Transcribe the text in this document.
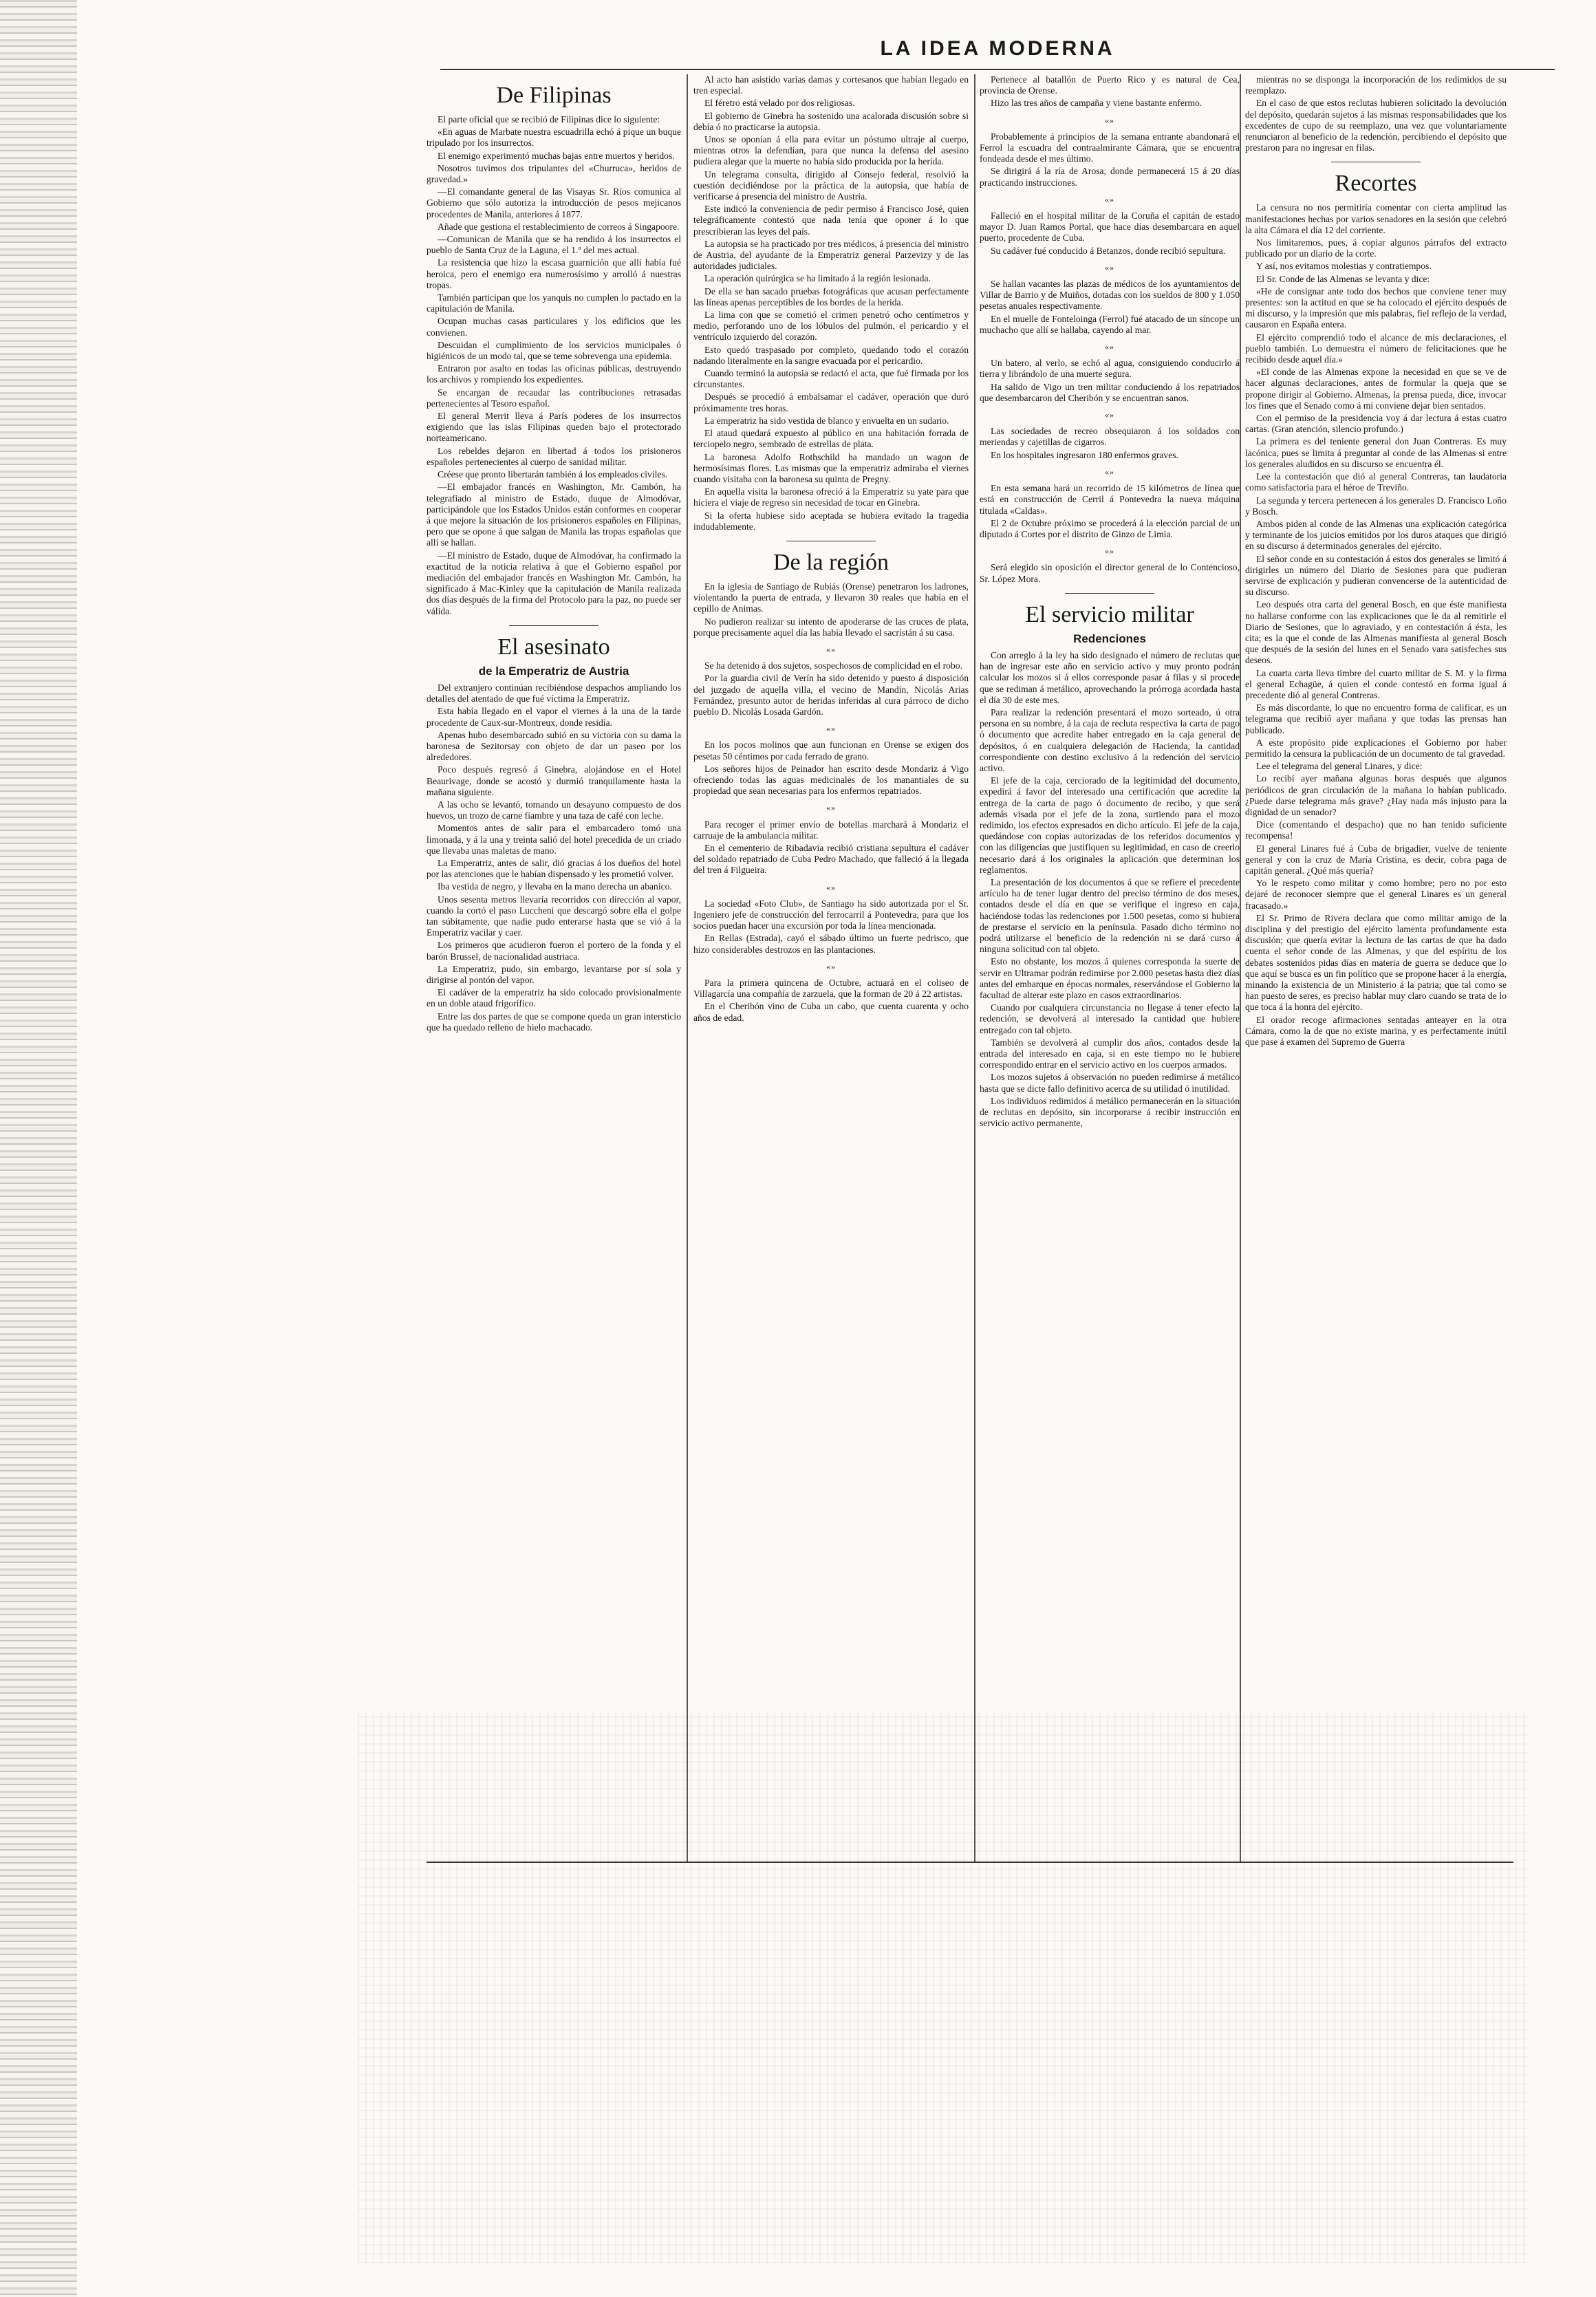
LA IDEA MODERNA
De Filipinas

El parte oficial que se recibió de Filipinas dice lo siguiente:

«En aguas de Marbate nuestra escuadrilla echó á pique un buque tripulado por los insurrectos.

El enemigo experimentó muchas bajas entre muertos y heridos.

Nosotros tuvimos dos tripulantes del «Churruca», heridos de gravedad.»

—El comandante general de las Visayas Sr. Ríos comunica al Gobierno que sólo autoriza la introducción de pesos mejicanos procedentes de Manila, anteriores á 1877.

Añade que gestiona el restablecimiento de correos á Singapoore.

—Comunican de Manila que se ha rendido á los insurrectos el pueblo de Santa Cruz de la Laguna, el 1.º del mes actual.

La resistencia que hizo la escasa guarnición que allí había fué heroica, pero el enemigo era numerosísimo y arrolló á nuestras tropas.

También participan que los yanquis no cumplen lo pactado en la capitulación de Manila.

Ocupan muchas casas particulares y los edificios que les convienen.

Descuidan el cumplimiento de los servicios municipales ó higiénicos de un modo tal, que se teme sobrevenga una epidemia.

Entraron por asalto en todas las oficinas públicas, destruyendo los archivos y rompiendo los expedientes.

Se encargan de recaudar las contribuciones retrasadas pertenecientes al Tesoro español.

El general Merrit lleva á París poderes de los insurrectos exigiendo que las islas Filipinas queden bajo el protectorado norteamericano.

Los rebeldes dejaron en libertad á todos los prisioneros españoles pertenecientes al cuerpo de sanidad militar.

Créese que pronto libertarán también á los empleados civiles.

—El embajador francés en Washington, Mr. Cambón, ha telegrafiado al ministro de Estado, duque de Almodóvar, participándole que los Estados Unidos están conformes en cooperar á que mejore la situación de los prisioneros españoles en Filipinas, pero que se opone á que salgan de Manila las tropas españolas que allí se hallan.

—El ministro de Estado, duque de Almodóvar, ha confirmado la exactitud de la noticia relativa á que el Gobierno español por mediación del embajador francés en Washington Mr. Cambón, ha significado á Mac-Kinley que la capitulación de Manila realizada dos días después de la firma del Protocolo para la paz, no puede ser válida.

El asesinato
de la Emperatriz de Austria

Del extranjero continúan recibiéndose despachos ampliando los detalles del atentado de que fué víctima la Emperatriz.

Esta había llegado en el vapor el viernes á la una de la tarde procedente de Caux-sur-Montreux, donde residía.

Apenas hubo desembarcado subió en su victoria con su dama la baronesa de Sezitorsay con objeto de dar un paseo por los alrededores.

Poco después regresó á Ginebra, alojándose en el Hotel Beaurivage, donde se acostó y durmió tranquilamente hasta la mañana siguiente.

A las ocho se levantó, tomando un desayuno compuesto de dos huevos, un trozo de carne fiambre y una taza de café con leche.

Momentos antes de salir para el embarcadero tomó una limonada, y á la una y treinta salió del hotel precedida de un criado que llevaba unas maletas de mano.

La Emperatriz, antes de salir, dió gracias á los dueños del hotel por las atenciones que le habían dispensado y les prometió volver.

Iba vestida de negro, y llevaba en la mano derecha un abanico.

Unos sesenta metros llevaría recorridos con dirección al vapor, cuando la cortó el paso Luccheni que descargó sobre ella el golpe tan súbitamente, que nadie pudo enterarse hasta que se vió á la Emperatriz vacilar y caer.

Los primeros que acudieron fueron el portero de la fonda y el barón Brussel, de nacionalidad austriaca.

La Emperatriz, pudo, sin embargo, levantarse por sí sola y dirigirse al pontón del vapor.

El cadáver de la emperatriz ha sido colocado provisionalmente en un doble ataud frigorífico.

Entre las dos partes de que se compone queda un gran intersticio que ha quedado relleno de hielo machacado.

Al acto han asistido varias damas y cortesanos que habían llegado en tren especial.

El féretro está velado por dos religiosas.

El gobierno de Ginebra ha sostenido una acalorada discusión sobre si debía ó no practicarse la autopsia.

Unos se oponían á ella para evitar un póstumo ultraje al cuerpo, mientras otros la defendían, para que nunca la defensa del asesino pudiera alegar que la muerte no había sido producida por la herida.

Un telegrama consulta, dirigido al Consejo federal, resolvió la cuestión decidiéndose por la práctica de la autopsia, que había de verificarse á presencia del ministro de Austria.

Este indicó la conveniencia de pedir permiso á Francisco José, quien telegráficamente contestó que nada tenía que oponer á lo que prescribieran las leyes del país.

La autopsia se ha practicado por tres médicos, á presencia del ministro de Austria, del ayudante de la Emperatriz general Parzevizy y de las autoridades judiciales.

La operación quirúrgica se ha limitado á la región lesionada.

De ella se han sacado pruebas fotográficas que acusan perfectamente las líneas apenas perceptibles de los bordes de la herida.

La lima con que se cometió el crimen penetró ocho centímetros y medio, perforando uno de los lóbulos del pulmón, el pericardio y el ventrículo izquierdo del corazón.

Esto quedó traspasado por completo, quedando todo el corazón nadando literalmente en la sangre evacuada por el pericardio.

Cuando terminó la autopsia se redactó el acta, que fué firmada por los circunstantes.

Después se procedió á embalsamar el cadáver, operación que duró próximamente tres horas.

La emperatriz ha sido vestida de blanco y envuelta en un sudario.

El ataud quedará expuesto al público en una habitación forrada de terciopelo negro, sembrado de estrellas de plata.

La baronesa Adolfo Rothschild ha mandado un wagon de hermosísimas flores. Las mismas que la emperatriz admiraba el viernes cuando visitaba con la baronesa su quinta de Pregny.

En aquella visita la baronesa ofreció á la Emperatriz su yate para que hiciera el viaje de regreso sin necesidad de tocar en Ginebra.

Si la oferta hubiese sido aceptada se hubiera evitado la tragedia indudablemente.

De la región

En la iglesia de Santiago de Rubiás (Orense) penetraron los ladrones, violentando la puerta de entrada, y llevaron 30 reales que había en el cepillo de Animas.

No pudieron realizar su intento de apoderarse de las cruces de plata, porque precisamente aquel día las había llevado el sacristán á su casa.

«»

Se ha detenido á dos sujetos, sospechosos de complicidad en el robo.

Por la guardia civil de Verín ha sido detenido y puesto á disposición del juzgado de aquella villa, el vecino de Mandín, Nicolás Arias Fernández, presunto autor de heridas inferidas al cura párroco de dicho pueblo D. Nicolás Losada Gardón.

«»

En los pocos molinos que aun funcionan en Orense se exigen dos pesetas 50 céntimos por cada ferrado de grano.

Los señores hijos de Peinador han escrito desde Mondariz á Vigo ofreciendo todas las aguas medicinales de los manantiales de su propiedad que sean necesarias para los enfermos repatriados.

«»

Para recoger el primer envío de botellas marchará á Mondariz el carruaje de la ambulancia militar.

En el cementerio de Ribadavia recibió cristiana sepultura el cadáver del soldado repatriado de Cuba Pedro Machado, que falleció á la llegada del tren á Filgueira.

«»

La sociedad «Foto Club», de Santiago ha sido autorizada por el Sr. Ingeniero jefe de construcción del ferrocarril á Pontevedra, para que los socios puedan hacer una excursión por toda la línea mencionada.

En Rellas (Estrada), cayó el sábado último un fuerte pedrisco, que hizo considerables destrozos en las plantaciones.

«»

Para la primera quincena de Octubre, actuará en el coliseo de Villagarcía una compañía de zarzuela, que la forman de 20 á 22 artistas.

En el Cheribón vino de Cuba un cabo, que cuenta cuarenta y ocho años de edad.

Pertenece al batallón de Puerto Rico y es natural de Cea, provincia de Orense.

Hizo las tres años de campaña y viene bastante enfermo.

«»

Probablemente á principios de la semana entrante abandonará el Ferrol la escuadra del contraalmirante Cámara, que se encuentra fondeada desde el mes último.

Se dirigirá á la ría de Arosa, donde permanecerá 15 á 20 días practicando instrucciones.

«»

Falleció en el hospital militar de la Coruña el capitán de estado mayor D. Juan Ramos Portal, que hace días desembarcara en aquel puerto, procedente de Cuba.

Su cadáver fué conducido á Betanzos, donde recibió sepultura.

«»

Se hallan vacantes las plazas de médicos de los ayuntamientos de Villar de Barrio y de Muiños, dotadas con los sueldos de 800 y 1.050 pesetas anuales respectivamente.

En el muelle de Fonteloinga (Ferrol) fué atacado de un síncope un muchacho que allí se hallaba, cayendo al mar.

«»

Un batero, al verlo, se echó al agua, consiguiendo conducirlo á tierra y librándolo de una muerte segura.

Ha salido de Vigo un tren militar conduciendo á los repatriados que desembarcaron del Cheribón y se encuentran sanos.

«»

Las sociedades de recreo obsequiaron á los soldados con meriendas y cajetillas de cigarros.

En los hospitales ingresaron 180 enfermos graves.

«»

En esta semana hará un recorrido de 15 kilómetros de línea que está en construcción de Cerril á Pontevedra la nueva máquina titulada «Caldas».

El 2 de Octubre próximo se procederá á la elección parcial de un diputado á Cortes por el distrito de Ginzo de Limia.

«»

Será elegido sin oposición el director general de lo Contencioso, Sr. López Mora.

El servicio militar
Redenciones

Con arreglo á la ley ha sido designado el número de reclutas que han de ingresar este año en servicio activo y muy pronto podrán calcular los mozos si á ellos corresponde pasar á filas y si procede que se rediman á metálico, aprovechando la prórroga acordada hasta el día 30 de este mes.

Para realizar la redención presentará el mozo sorteado, ú otra persona en su nombre, á la caja de recluta respectiva la carta de pago ó documento que acredite haber entregado en la caja general de depósitos, ó en cualquiera delegación de Hacienda, la cantidad correspondiente con destino exclusivo á la redención del servicio activo.

El jefe de la caja, cerciorado de la legitimidad del documento, expedirá á favor del interesado una certificación que acredite la entrega de la carta de pago ó documento de recibo, y que será además visada por el jefe de la zona, surtiendo para el mozo redimido, los efectos expresados en dicho artículo. El jefe de la caja, quedándose con copias autorizadas de los referidos documentos y con las diligencias que justifiquen su legitimidad, en caso de creerlo necesario dará á los originales la aplicación que determinan los reglamentos.

La presentación de los documentos á que se refiere el precedente artículo ha de tener lugar dentro del preciso término de dos meses, contados desde el día en que se verifique el ingreso en caja, haciéndose todas las redenciones por 1.500 pesetas, como si hubiera de prestarse el servicio en la península. Pasado dicho término no podrá utilizarse el beneficio de la redención ni se dará curso á ninguna solicitud con tal objeto.

Esto no obstante, los mozos á quienes corresponda la suerte de servir en Ultramar podrán redimirse por 2.000 pesetas hasta diez días antes del embarque en épocas normales, reservándose el Gobierno la facultad de alterar este plazo en casos extraordinarios.

Cuando por cualquiera circunstancia no llegase á tener efecto la redención, se devolverá al interesado la cantidad que hubiere entregado con tal objeto.

También se devolverá al cumplir dos años, contados desde la entrada del interesado en caja, si en este tiempo no le hubiere correspondido entrar en el servicio activo en los cuerpos armados.

Los mozos sujetos á observación no pueden redimirse á metálico hasta que se dicte fallo definitivo acerca de su utilidad ó inutilidad.

Los individuos redimidos á metálico permanecerán en la situación de reclutas en depósito, sin incorporarse á recibir instrucción en servicio activo permanente,

mientras no se disponga la incorporación de los redimidos de su reemplazo.

En el caso de que estos reclutas hubieren solicitado la devolución del depósito, quedarán sujetos á las mismas responsabilidades que los excedentes de cupo de su reemplazo, una vez que voluntariamente renunciaron al beneficio de la redención, percibiendo el depósito que prestaron para no ingresar en filas.

Recortes

La censura no nos permitiría comentar con cierta amplitud las manifestaciones hechas por varios senadores en la sesión que celebró la alta Cámara el día 12 del corriente.

Nos limitaremos, pues, á copiar algunos párrafos del extracto publicado por un diario de la corte.

Y así, nos evitamos molestias y contratiempos.

El Sr. Conde de las Almenas se levanta y dice:

«He de consignar ante todo dos hechos que conviene tener muy presentes: son la actitud en que se ha colocado el ejército después de mi discurso, y la impresión que mis palabras, fiel reflejo de la verdad, causaron en España entera.

El ejército comprendió todo el alcance de mis declaraciones, el pueblo también. Lo demuestra el número de felicitaciones que he recibido desde aquel día.»

«El conde de las Almenas expone la necesidad en que se ve de hacer algunas declaraciones, antes de formular la queja que se propone dirigir al Gobierno. Almenas, la prensa pueda, dice, invocar los fines que el Senado como á mi conviene dejar bien sentados.

Con el permiso de la presidencia voy á dar lectura á estas cuatro cartas. (Gran atención, silencio profundo.)

La primera es del teniente general don Juan Contreras. Es muy lacónica, pues se limita á preguntar al conde de las Almenas si entre los generales aludidos en su discurso se encuentra él.

Lee la contestación que dió al general Contreras, tan laudatoria como satisfactoria para el héroe de Treviño.

La segunda y tercera pertenecen á los generales D. Francisco Loño y Bosch.

Ambos piden al conde de las Almenas una explicación categórica y terminante de los juicios emitidos por los duros ataques que dirigió en su discurso á determinados generales del ejército.

El señor conde en su contestación á estos dos generales se limitó á dirigirles un número del Diario de Sesiones para que pudieran servirse de explicación y pudieran convencerse de la autenticidad de su discurso.

Leo después otra carta del general Bosch, en que éste manifiesta no hallarse conforme con las explicaciones que le da al remitirle el Diario de Sesiones, que lo agraviado, y en contestación á ésta, les cita; es la que el conde de las Almenas manifiesta al general Bosch que después de la sesión del lunes en el Senado vara satisfeches sus deseos.

La cuarta carta lleva timbre del cuarto militar de S. M. y la firma el general Echagüe, á quien el conde contestó en forma igual á precedente dió al general Contreras.

Es más discordante, lo que no encuentro forma de calificar, es un telegrama que recibió ayer mañana y que todas las prensas han publicado.

A este propósito pide explicaciones el Gobierno por haber permitido la censura la publicación de un documento de tal gravedad.

Lee el telegrama del general Linares, y dice:

Lo recibí ayer mañana algunas horas después que algunos periódicos de gran circulación de la mañana lo habían publicado. ¿Puede darse telegrama más grave? ¿Hay nada más injusto para la dignidad de un senador?

Dice (comentando el despacho) que no han tenido suficiente recompensa!

El general Linares fué á Cuba de brigadier, vuelve de teniente general y con la cruz de María Cristina, es decir, cobra paga de capitán general. ¿Qué más quería?

Yo le respeto como militar y como hombre; pero no por esto dejaré de reconocer siempre que el general Linares es un general fracasado.»

El Sr. Primo de Rivera declara que como militar amigo de la disciplina y del prestigio del ejército lamenta profundamente esta discusión; que quería evitar la lectura de las cartas de que ha dado cuenta el señor conde de las Almenas, y que del espíritu de los debates sostenidos pidas días en materia de guerra se deduce que lo que aquí se busca es un fin político que se propone hacer á la energía, minando la existencia de un Ministerio á la patria; que tal como se han puesto de seres, es preciso hablar muy claro cuando se trata de lo que toca á la honra del ejército.

El orador recoge afirmaciones sentadas anteayer en la otra Cámara, como la de que no existe marina, y es perfectamente inútil que pase á examen del Supremo de Guerra
